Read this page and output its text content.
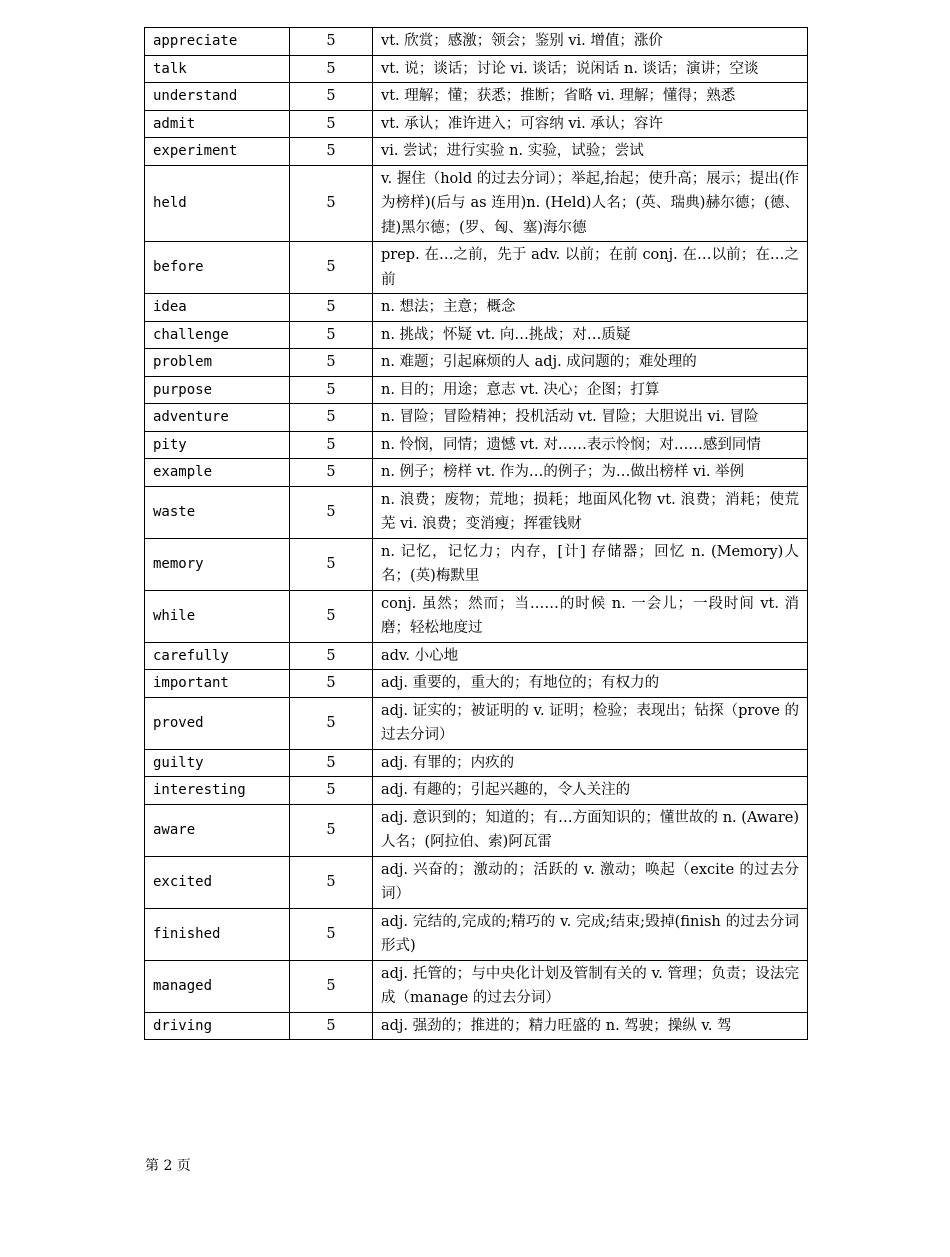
appreciate	5	vt. 欣赏；感激；领会；鉴别 vi. 增值；涨价
talk	5	vt. 说；谈话；讨论 vi. 谈话；说闲话 n. 谈话；演讲；空谈
understand	5	vt. 理解；懂；获悉；推断；省略 vi. 理解；懂得；熟悉
admit	5	vt. 承认；准许进入；可容纳 vi. 承认；容许
experiment	5	vi. 尝试；进行实验 n. 实验，试验；尝试
held	5	v. 握住（hold 的过去分词）；举起,抬起；使升高；展示；提出(作为榜样)(后与 as 连用)n. (Held)人名；(英、瑞典)赫尔德；(德、捷)黑尔德；(罗、匈、塞)海尔德
before	5	prep. 在…之前，先于 adv. 以前；在前 conj. 在…以前；在…之前
idea	5	n. 想法；主意；概念
challenge	5	n. 挑战；怀疑 vt. 向…挑战；对…质疑
problem	5	n. 难题；引起麻烦的人 adj. 成问题的；难处理的
purpose	5	n. 目的；用途；意志 vt. 决心；企图；打算
adventure	5	n. 冒险；冒险精神；投机活动 vt. 冒险；大胆说出 vi. 冒险
pity	5	n. 怜悯，同情；遗憾 vt. 对……表示怜悯；对……感到同情
example	5	n. 例子；榜样 vt. 作为…的例子；为…做出榜样 vi. 举例
waste	5	n. 浪费；废物；荒地；损耗；地面风化物 vt. 浪费；消耗；使荒芜 vi. 浪费；变消瘦；挥霍钱财
memory	5	n. 记忆，记忆力；内存，[计] 存储器；回忆 n. (Memory)人名；(英)梅默里
while	5	conj. 虽然；然而；当……的时候 n. 一会儿；一段时间 vt. 消磨；轻松地度过
carefully	5	adv. 小心地
important	5	adj. 重要的，重大的；有地位的；有权力的
proved	5	adj. 证实的；被证明的 v. 证明；检验；表现出；钻探（prove 的过去分词）
guilty	5	adj. 有罪的；内疚的
interesting	5	adj. 有趣的；引起兴趣的，令人关注的
aware	5	adj. 意识到的；知道的；有…方面知识的；懂世故的 n. (Aware)人名；(阿拉伯、索)阿瓦雷
excited	5	adj. 兴奋的；激动的；活跃的 v. 激动；唤起（excite 的过去分词）
finished	5	adj. 完结的,完成的;精巧的 v. 完成;结束;毁掉(finish 的过去分词形式)
managed	5	adj. 托管的；与中央化计划及管制有关的 v. 管理；负责；设法完成（manage 的过去分词）
driving	5	adj. 强劲的；推进的；精力旺盛的 n. 驾驶；操纵 v. 驾
第 2 页
